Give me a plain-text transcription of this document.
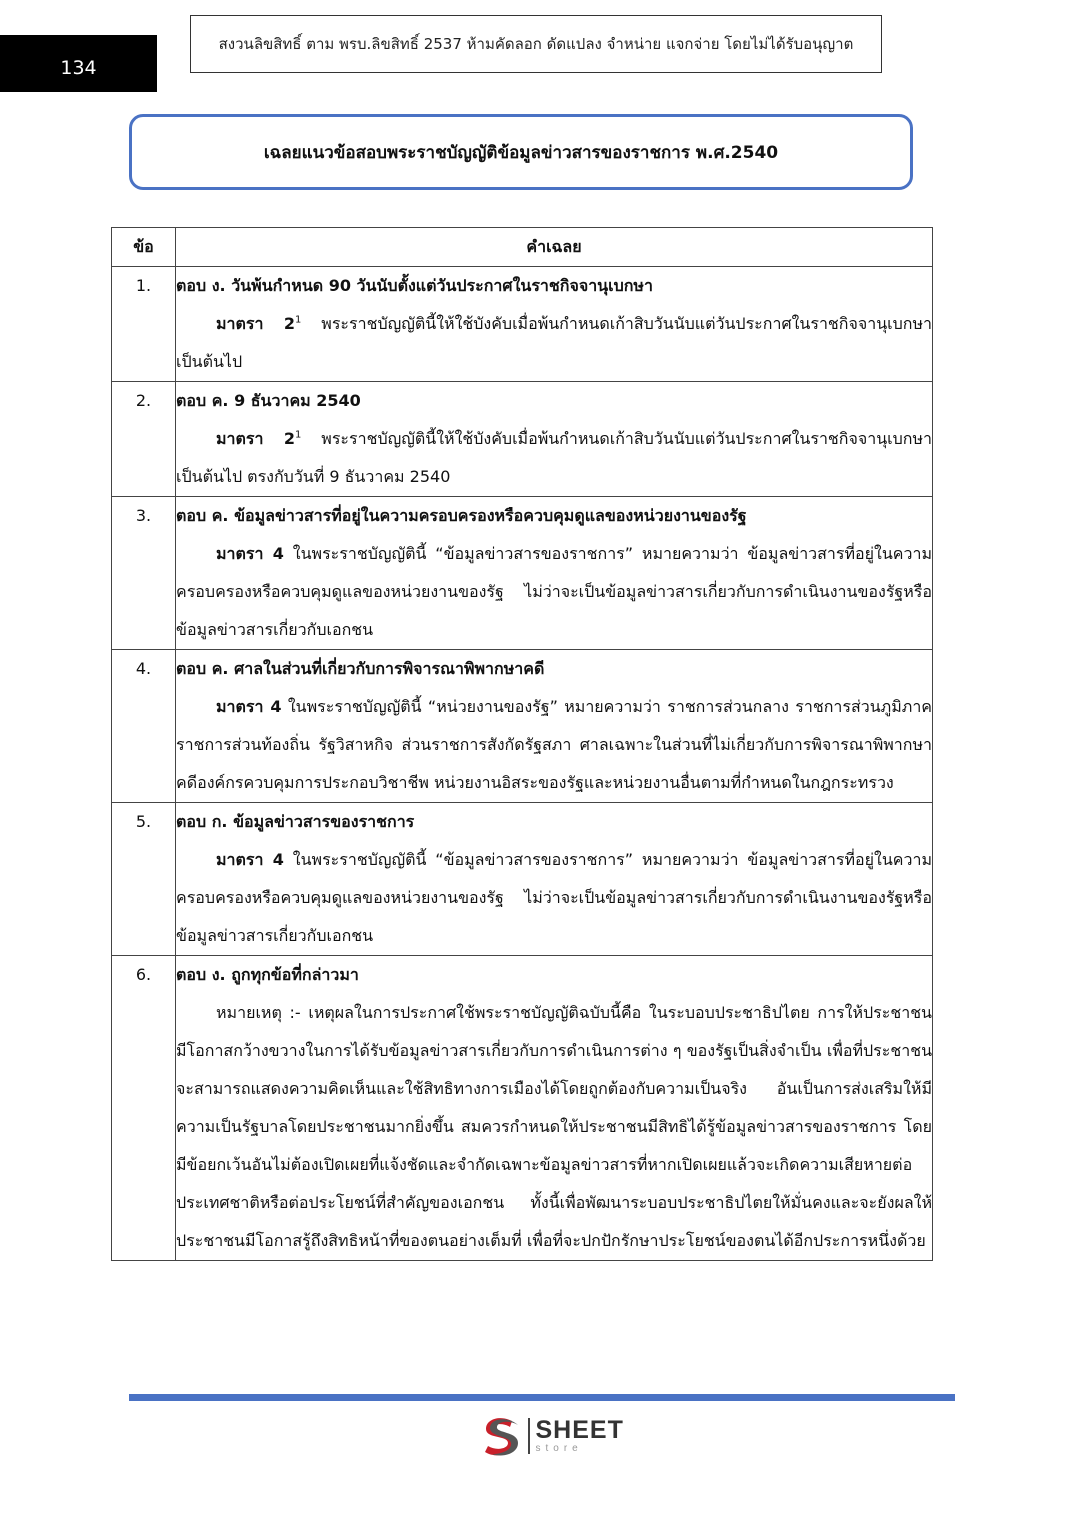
134
สงวนลิขสิทธิ์ ตาม พรบ.ลิขสิทธิ์ 2537 ห้ามคัดลอก ดัดแปลง จำหน่าย แจกจ่าย โดยไม่ได้รับอนุญาต
เฉลยแนวข้อสอบพระราชบัญญัติข้อมูลข่าวสารของราชการ พ.ศ.2540
ข้อ	คำเฉลย
1.	ตอบ ง. วันพ้นกำหนด 90 วันนับตั้งแต่วันประกาศในราชกิจจานุเบกษา
มาตรา $2^1$ พระราชบัญญัตินี้ให้ใช้บังคับเมื่อพ้นกำหนดเก้าสิบวันนับแต่วันประกาศในราชกิจจานุเบกษาเป็นต้นไป

2.	ตอบ ค. 9 ธันวาคม 2540
มาตรา $2^1$ พระราชบัญญัตินี้ให้ใช้บังคับเมื่อพ้นกำหนดเก้าสิบวันนับแต่วันประกาศในราชกิจจานุเบกษาเป็นต้นไป ตรงกับวันที่ 9 ธันวาคม 2540

3.	ตอบ ค. ข้อมูลข่าวสารที่อยู่ในความครอบครองหรือควบคุมดูแลของหน่วยงานของรัฐ
มาตรา 4 ในพระราชบัญญัตินี้ “ข้อมูลข่าวสารของราชการ” หมายความว่า ข้อมูลข่าวสารที่อยู่ในความครอบครองหรือควบคุมดูแลของหน่วยงานของรัฐ ไม่ว่าจะเป็นข้อมูลข่าวสารเกี่ยวกับการดำเนินงานของรัฐหรือข้อมูลข่าวสารเกี่ยวกับเอกชน

4.	ตอบ ค. ศาลในส่วนที่เกี่ยวกับการพิจารณาพิพากษาคดี
มาตรา 4 ในพระราชบัญญัตินี้ “หน่วยงานของรัฐ” หมายความว่า ราชการส่วนกลาง ราชการส่วนภูมิภาค ราชการส่วนท้องถิ่น รัฐวิสาหกิจ ส่วนราชการสังกัดรัฐสภา ศาลเฉพาะในส่วนที่ไม่เกี่ยวกับการพิจารณาพิพากษาคดีองค์กรควบคุมการประกอบวิชาชีพ หน่วยงานอิสระของรัฐและหน่วยงานอื่นตามที่กำหนดในกฎกระทรวง

5.	ตอบ ก. ข้อมูลข่าวสารของราชการ
มาตรา 4 ในพระราชบัญญัตินี้ “ข้อมูลข่าวสารของราชการ” หมายความว่า ข้อมูลข่าวสารที่อยู่ในความครอบครองหรือควบคุมดูแลของหน่วยงานของรัฐ ไม่ว่าจะเป็นข้อมูลข่าวสารเกี่ยวกับการดำเนินงานของรัฐหรือข้อมูลข่าวสารเกี่ยวกับเอกชน

6.	ตอบ ง. ถูกทุกข้อที่กล่าวมา
หมายเหตุ :- เหตุผลในการประกาศใช้พระราชบัญญัติฉบับนี้คือ ในระบอบประชาธิปไตย การให้ประชาชนมีโอกาสกว้างขวางในการได้รับข้อมูลข่าวสารเกี่ยวกับการดำเนินการต่าง ๆ ของรัฐเป็นสิ่งจำเป็น เพื่อที่ประชาชนจะสามารถแสดงความคิดเห็นและใช้สิทธิทางการเมืองได้โดยถูกต้องกับความเป็นจริง อันเป็นการส่งเสริมให้มีความเป็นรัฐบาลโดยประชาชนมากยิ่งขึ้น สมควรกำหนดให้ประชาชนมีสิทธิได้รู้ข้อมูลข่าวสารของราชการ โดยมีข้อยกเว้นอันไม่ต้องเปิดเผยที่แจ้งชัดและจำกัดเฉพาะข้อมูลข่าวสารที่หากเปิดเผยแล้วจะเกิดความเสียหายต่อประเทศชาติหรือต่อประโยชน์ที่สำคัญของเอกชน ทั้งนี้เพื่อพัฒนาระบอบประชาธิปไตยให้มั่นคงและจะยังผลให้ประชาชนมีโอกาสรู้ถึงสิทธิหน้าที่ของตนอย่างเต็มที่ เพื่อที่จะปกปักรักษาประโยชน์ของตนได้อีกประการหนึ่งด้วย
SHEET
store
